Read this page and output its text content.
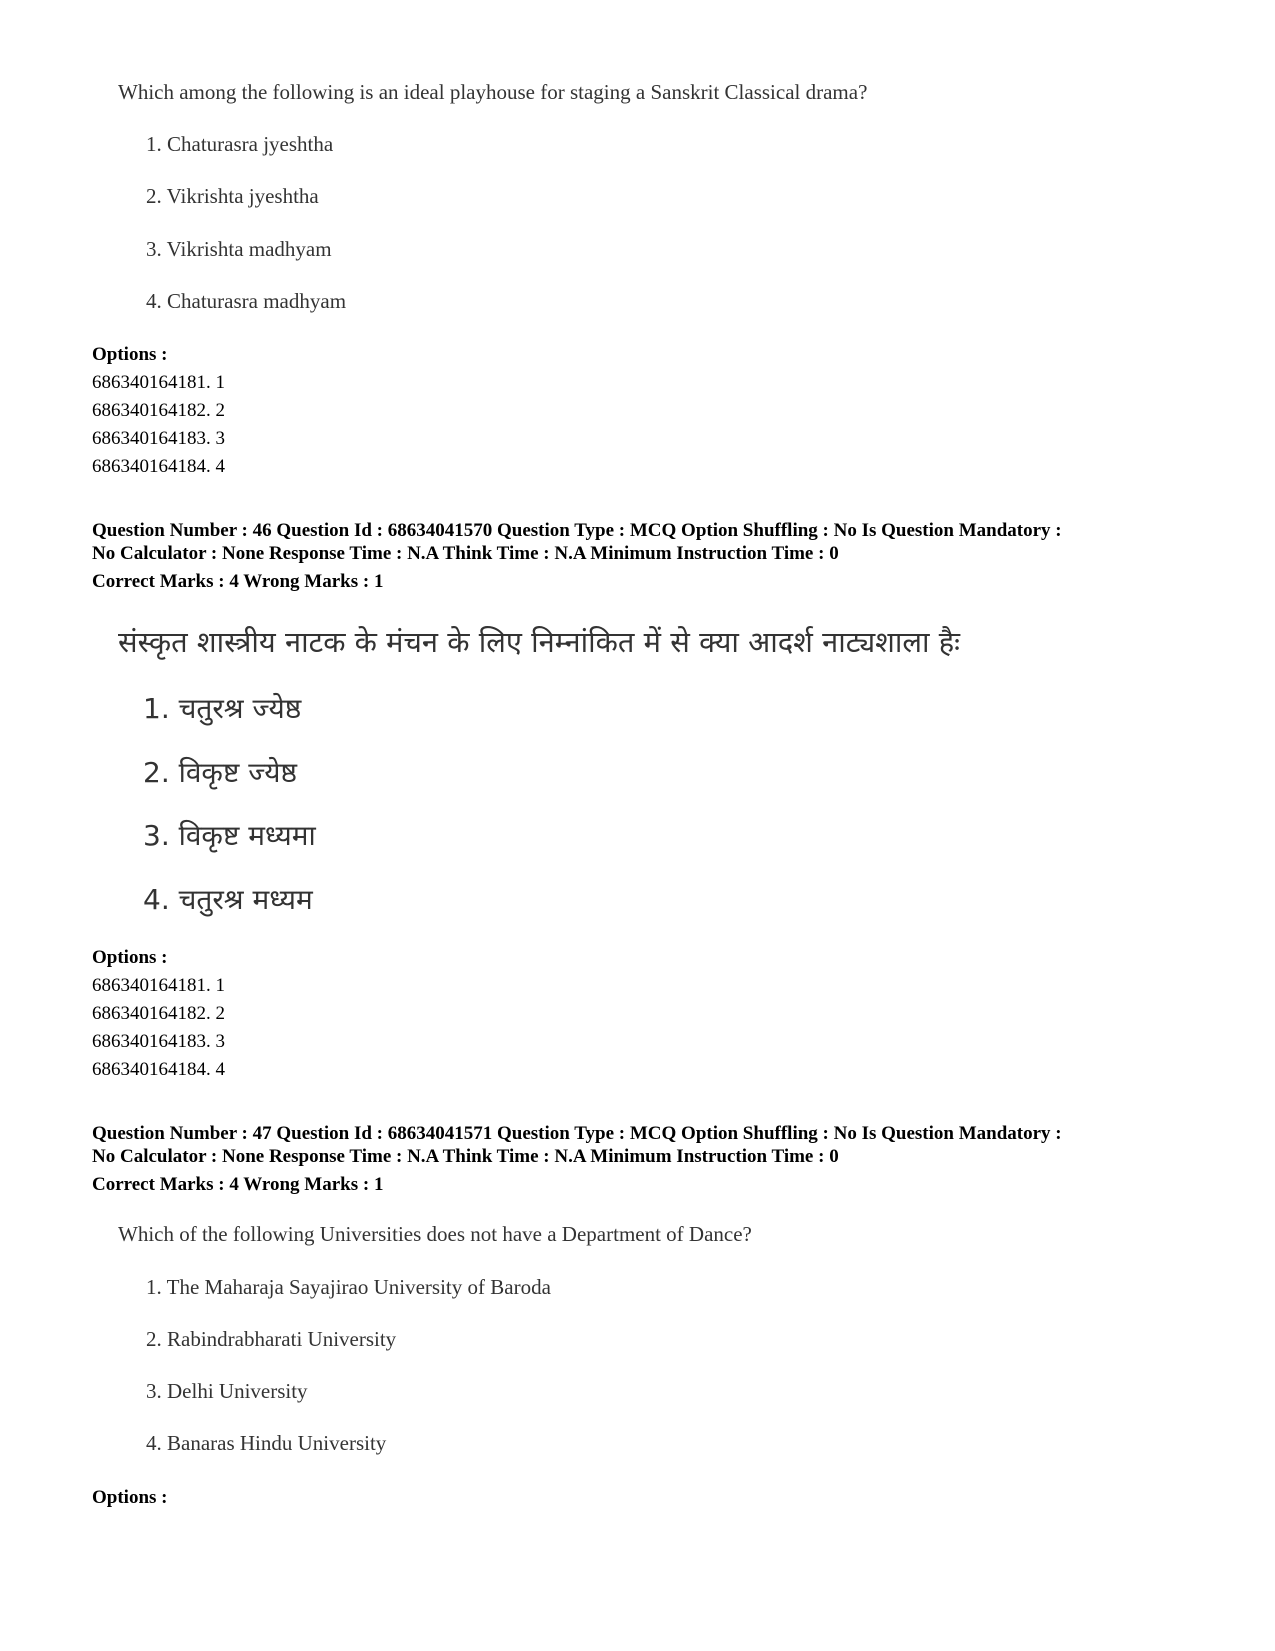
Which among the following is an ideal playhouse for staging a Sanskrit Classical drama?
1. Chaturasra jyeshtha
2. Vikrishta jyeshtha
3. Vikrishta madhyam
4. Chaturasra madhyam
Options :
686340164181. 1
686340164182. 2
686340164183. 3
686340164184. 4
Question Number : 46 Question Id : 68634041570 Question Type : MCQ Option Shuffling : No Is Question Mandatory :
No Calculator : None Response Time : N.A Think Time : N.A Minimum Instruction Time : 0
Correct Marks : 4 Wrong Marks : 1
संस्कृत शास्त्रीय नाटक के मंचन के लिए निम्नांकित में से क्या आदर्श नाट्यशाला हैः
1. चतुरश्र ज्येष्ठ
2. विकृष्ट ज्येष्ठ
3. विकृष्ट मध्यमा
4. चतुरश्र मध्यम
Options :
686340164181. 1
686340164182. 2
686340164183. 3
686340164184. 4
Question Number : 47 Question Id : 68634041571 Question Type : MCQ Option Shuffling : No Is Question Mandatory :
No Calculator : None Response Time : N.A Think Time : N.A Minimum Instruction Time : 0
Correct Marks : 4 Wrong Marks : 1
Which of the following Universities does not have a Department of Dance?
1. The Maharaja Sayajirao University of Baroda
2. Rabindrabharati University
3. Delhi University
4. Banaras Hindu University
Options :
